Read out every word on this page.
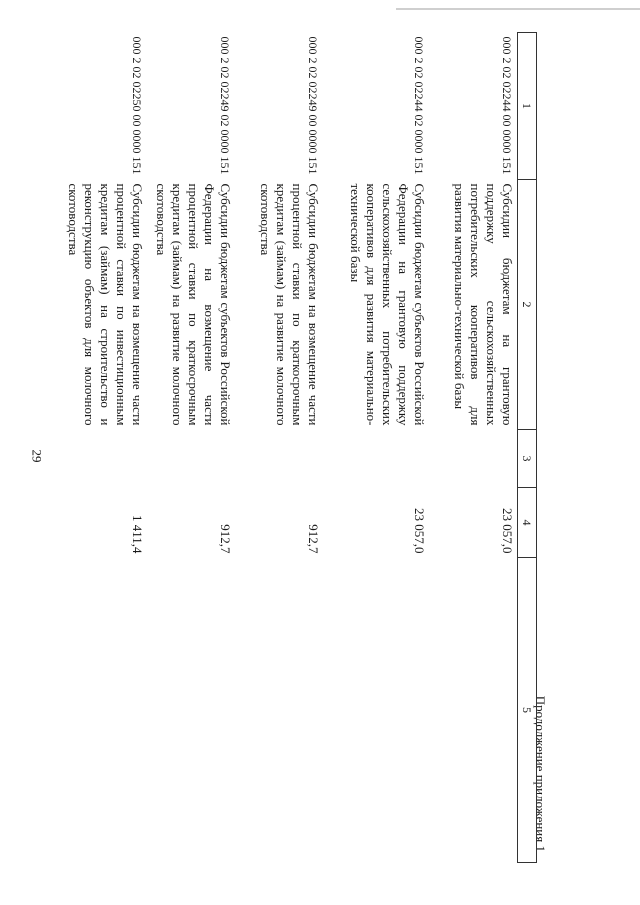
29
Продолжение приложения 1
1	2	3	4	5
000 2 02 02244 00 0000 151	Субсидии бюджетам на грантовую поддержку сельскохозяйственных потребительских кооперативов для развития материально-технической базы		23 057,0	
000 2 02 02244 02 0000 151	Субсидии бюджетам субъектов Российской Федерации на грантовую поддержку сельскохозяйственных потребительских кооперативов для развития материально-технической базы		23 057,0	
000 2 02 02249 00 0000 151	Субсидии бюджетам на возмещение части процентной ставки по краткосрочным кредитам (займам) на развитие молочного скотоводства		912,7	
000 2 02 02249 02 0000 151	Субсидии бюджетам субъектов Российской Федерации на возмещение части процентной ставки по краткосрочным кредитам (займам) на развитие молочного скотоводства		912,7	
000 2 02 02250 00 0000 151	Субсидии бюджетам на возмещение части процентной ставки по инвестиционным кредитам (займам) на строительство и реконструкцию объектов для молочного скотоводства		1 411,4	
